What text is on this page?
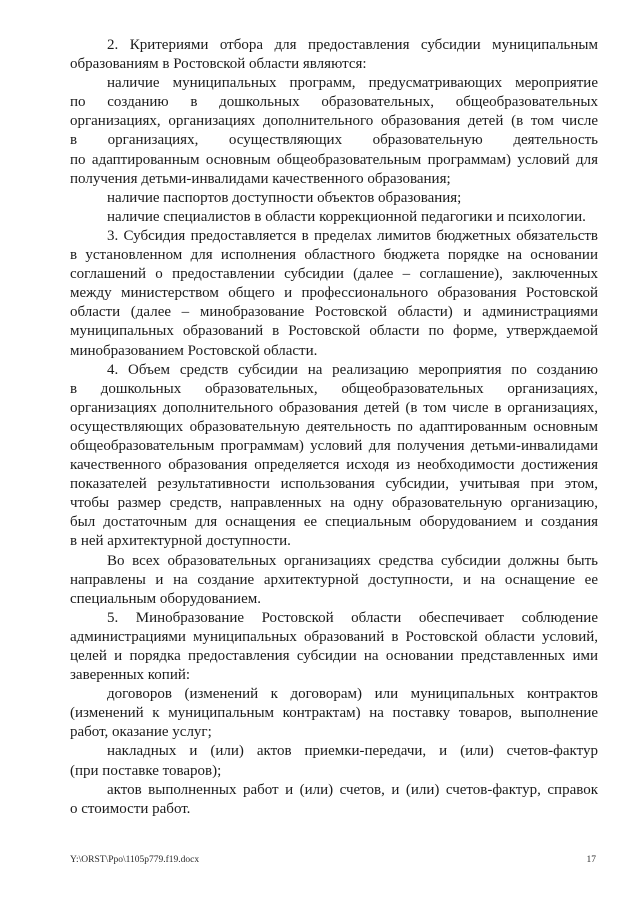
2. Критериями отбора для предоставления субсидии муниципальным
образованиям в Ростовской области являются:
наличие муниципальных программ, предусматривающих мероприятие
по созданию в дошкольных образовательных, общеобразовательных
организациях, организациях дополнительного образования детей (в том числе
в организациях, осуществляющих образовательную деятельность
по адаптированным основным общеобразовательным программам) условий для
получения детьми-инвалидами качественного образования;
наличие паспортов доступности объектов образования;
наличие специалистов в области коррекционной педагогики и психологии.
3. Субсидия предоставляется в пределах лимитов бюджетных обязательств
в установленном для исполнения областного бюджета порядке на основании
соглашений о предоставлении субсидии (далее – соглашение), заключенных
между министерством общего и профессионального образования Ростовской
области (далее – минобразование Ростовской области) и администрациями
муниципальных образований в Ростовской области по форме, утверждаемой
минобразованием Ростовской области.
4. Объем средств субсидии на реализацию мероприятия по созданию
в дошкольных образовательных, общеобразовательных организациях,
организациях дополнительного образования детей (в том числе в организациях,
осуществляющих образовательную деятельность по адаптированным основным
общеобразовательным программам) условий для получения детьми-инвалидами
качественного образования определяется исходя из необходимости достижения
показателей результативности использования субсидии, учитывая при этом,
чтобы размер средств, направленных на одну образовательную организацию,
был достаточным для оснащения ее специальным оборудованием и создания
в ней архитектурной доступности.
Во всех образовательных организациях средства субсидии должны быть
направлены и на создание архитектурной доступности, и на оснащение ее
специальным оборудованием.
5. Минобразование Ростовской области обеспечивает соблюдение
администрациями муниципальных образований в Ростовской области условий,
целей и порядка предоставления субсидии на основании представленных ими
заверенных копий:
договоров (изменений к договорам) или муниципальных контрактов
(изменений к муниципальным контрактам) на поставку товаров, выполнение
работ, оказание услуг;
накладных и (или) актов приемки-передачи, и (или) счетов-фактур
(при поставке товаров);
актов выполненных работ и (или) счетов, и (или) счетов-фактур, справок
о стоимости работ.
Y:\ORST\Ppo\1105p779.f19.docx	17
